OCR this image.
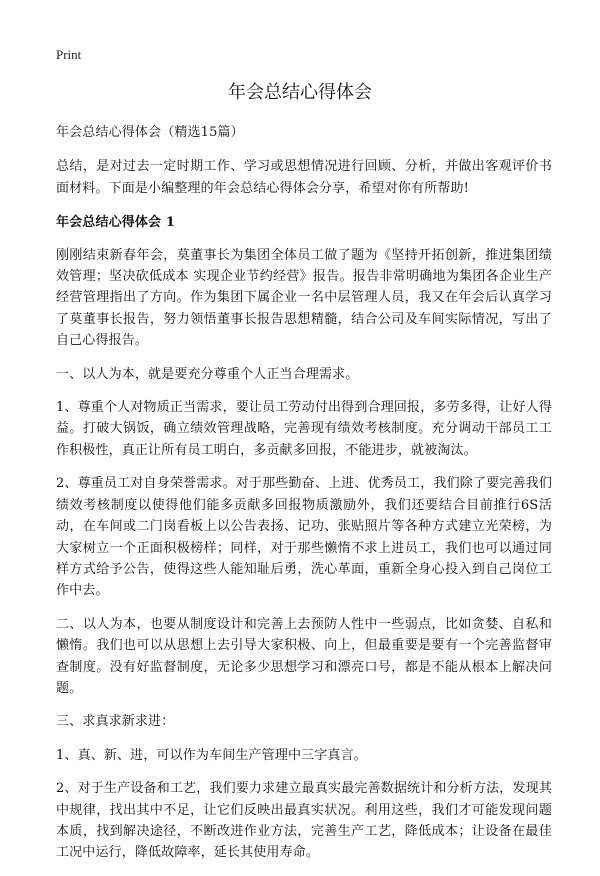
Print
年会总结心得体会

年会总结心得体会（精选15篇）

总结，是对过去一定时期工作、学习或思想情况进行回顾、分析，并做出客观评价书面材料。下面是小编整理的年会总结心得体会分享，希望对你有所帮助!

年会总结心得体会 1

刚刚结束新春年会，莫董事长为集团全体员工做了题为《坚持开拓创新，推进集团绩效管理；坚决砍低成本 实现企业节约经营》报告。报告非常明确地为集团各企业生产经营管理指出了方向。作为集团下属企业一名中层管理人员，我又在年会后认真学习了莫董事长报告，努力领悟董事长报告思想精髓，结合公司及车间实际情况，写出了自己心得报告。

一、以人为本，就是要充分尊重个人正当合理需求。

1、尊重个人对物质正当需求，要让员工劳动付出得到合理回报，多劳多得，让好人得益。打破大锅饭，确立绩效管理战略，完善现有绩效考核制度。充分调动干部员工工作积极性，真正让所有员工明白，多贡献多回报，不能进步，就被淘汰。

2、尊重员工对自身荣誉需求。对于那些勤奋、上进、优秀员工，我们除了要完善我们绩效考核制度以使得他们能多贡献多回报物质激励外，我们还要结合目前推行6S活动，在车间或二门岗看板上以公告表扬、记功、张贴照片等各种方式建立光荣榜，为大家树立一个正面积极榜样；同样，对于那些懒惰不求上进员工，我们也可以通过同样方式给予公告，使得这些人能知耻后勇，洗心革面，重新全身心投入到自己岗位工作中去。

二、以人为本，也要从制度设计和完善上去预防人性中一些弱点，比如贪婪、自私和懒惰。我们也可以从思想上去引导大家积极、向上，但最重要是要有一个完善监督审查制度。没有好监督制度，无论多少思想学习和漂亮口号，都是不能从根本上解决问题。

三、求真求新求进：

1、真、新、进，可以作为车间生产管理中三字真言。

2、对于生产设备和工艺，我们要力求建立最真实最完善数据统计和分析方法，发现其中规律，找出其中不足，让它们反映出最真实状况。利用这些，我们才可能发现问题本质，找到解决途径，不断改进作业方法，完善生产工艺，降低成本；让设备在最佳工况中运行，降低故障率，延长其使用寿命。
